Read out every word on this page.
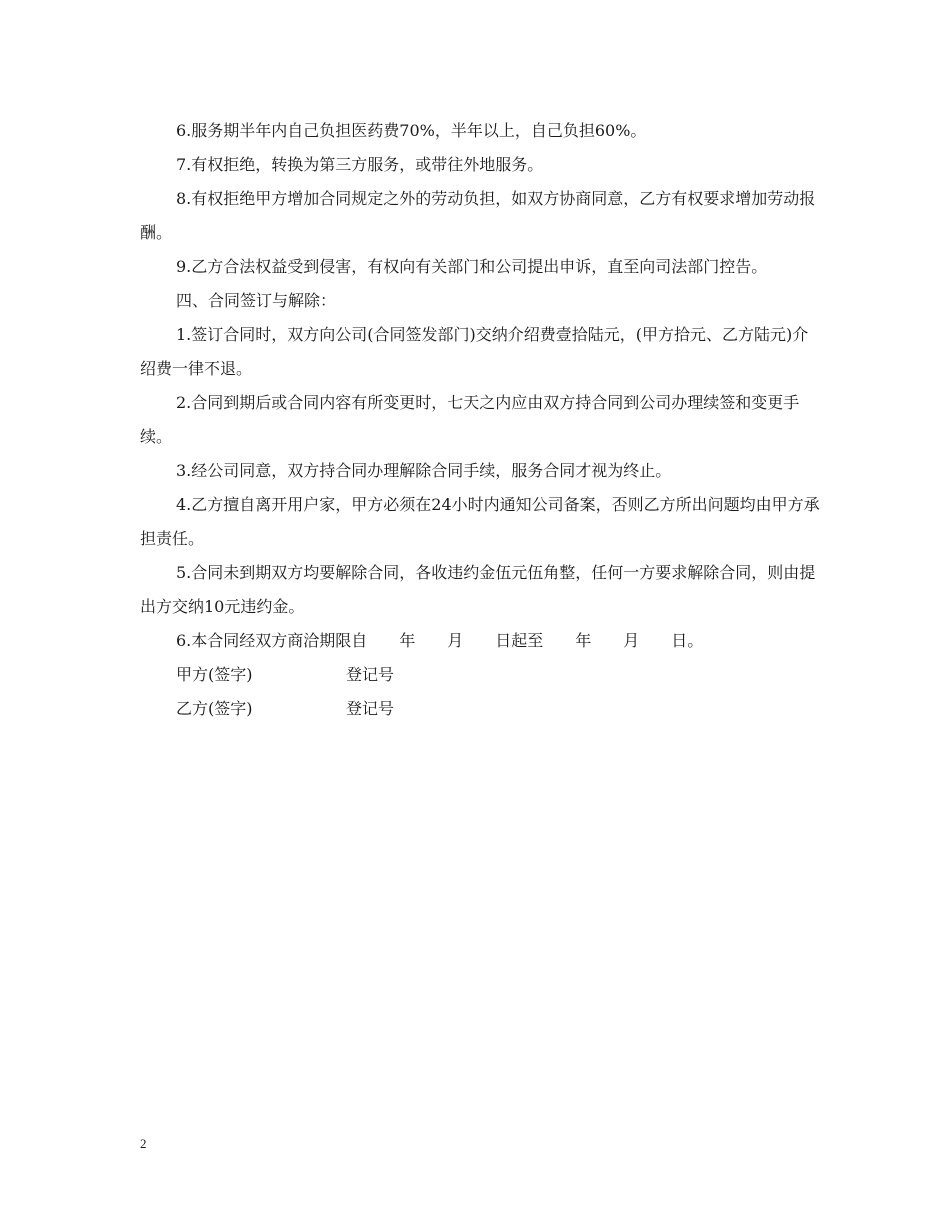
6.服务期半年内自己负担医药费70%，半年以上，自己负担60%。

7.有权拒绝，转换为第三方服务，或带往外地服务。

8.有权拒绝甲方增加合同规定之外的劳动负担，如双方协商同意，乙方有权要求增加劳动报酬。

9.乙方合法权益受到侵害，有权向有关部门和公司提出申诉，直至向司法部门控告。

四、合同签订与解除：

1.签订合同时，双方向公司(合同签发部门)交纳介绍费壹拾陆元，(甲方拾元、乙方陆元)介绍费一律不退。

2.合同到期后或合同内容有所变更时，七天之内应由双方持合同到公司办理续签和变更手续。

3.经公司同意，双方持合同办理解除合同手续，服务合同才视为终止。

4.乙方擅自离开用户家，甲方必须在24小时内通知公司备案，否则乙方所出问题均由甲方承担责任。

5.合同未到期双方均要解除合同，各收违约金伍元伍角整，任何一方要求解除合同，则由提出方交纳10元违约金。

6.本合同经双方商洽期限自　　年　　月　　日起至　　年　　月　　日。

甲方(签字)	登记号
乙方(签字)	登记号
2
